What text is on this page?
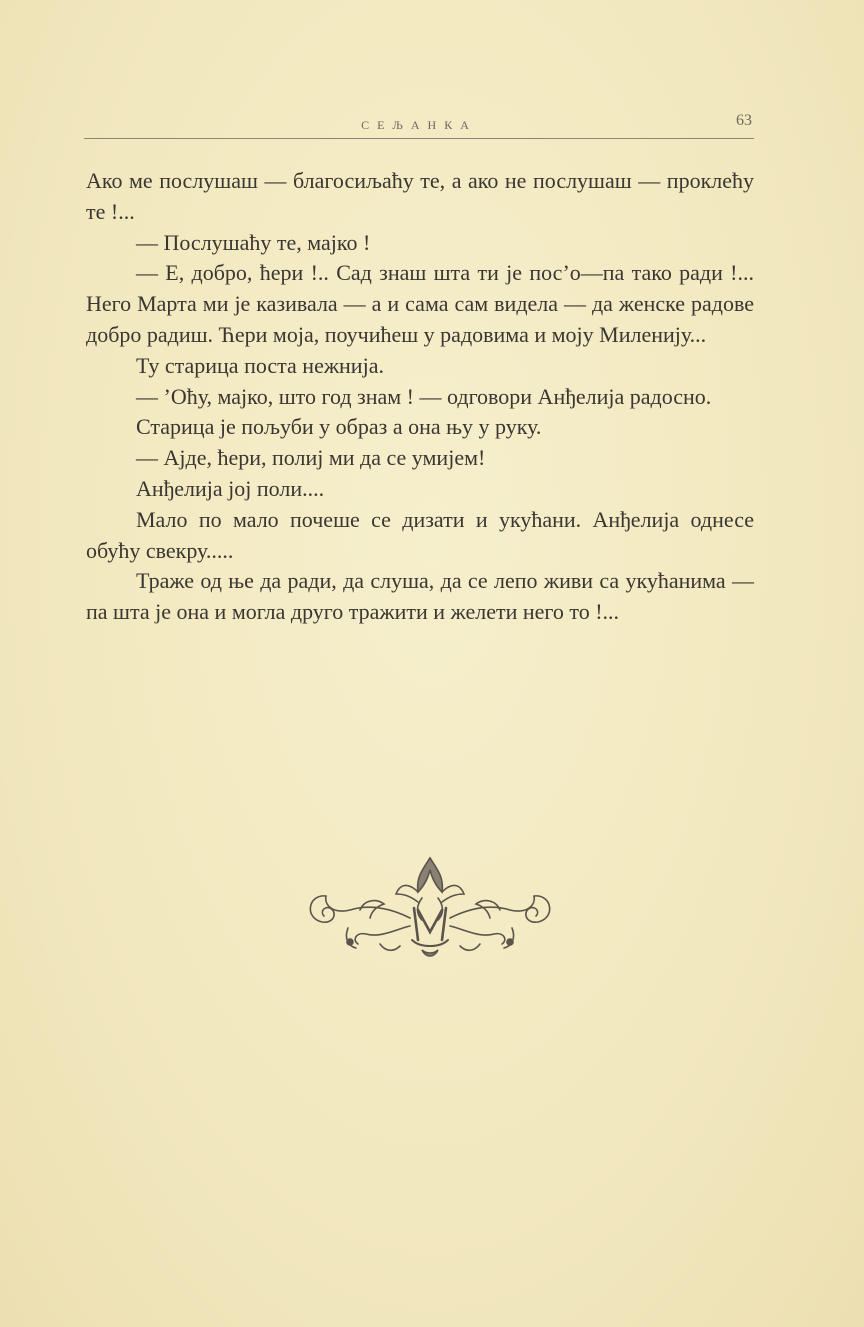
СЕЉАНКА	63

Ако ме послушаш — благосиљаћу те, а ако не послушаш — проклећу те !...

— Послушаћу те, мајко !

— Е, добро, ћери !.. Сад знаш шта ти је пос’о—па тако ради !... Него Марта ми је казивала — а и сама сам видела — да женске радове добро радиш. Ћери моја, поучићеш у радовима и моју Миленију...

Ту старица поста нежнија.

— ’Оћу, мајко, што год знам ! — одговори Анђелија радосно.

Старица је пољуби у образ а она њу у руку.

— Ајде, ћери, полиј ми да се умијем!

Анђелија јој поли....

Мало по мало почеше се дизати и укућани. Анђелија однесе обућу свекру.....

Траже од ње да ради, да слуша, да се лепо живи са укућанима — па шта је она и могла друго тражити и желети него то !...
